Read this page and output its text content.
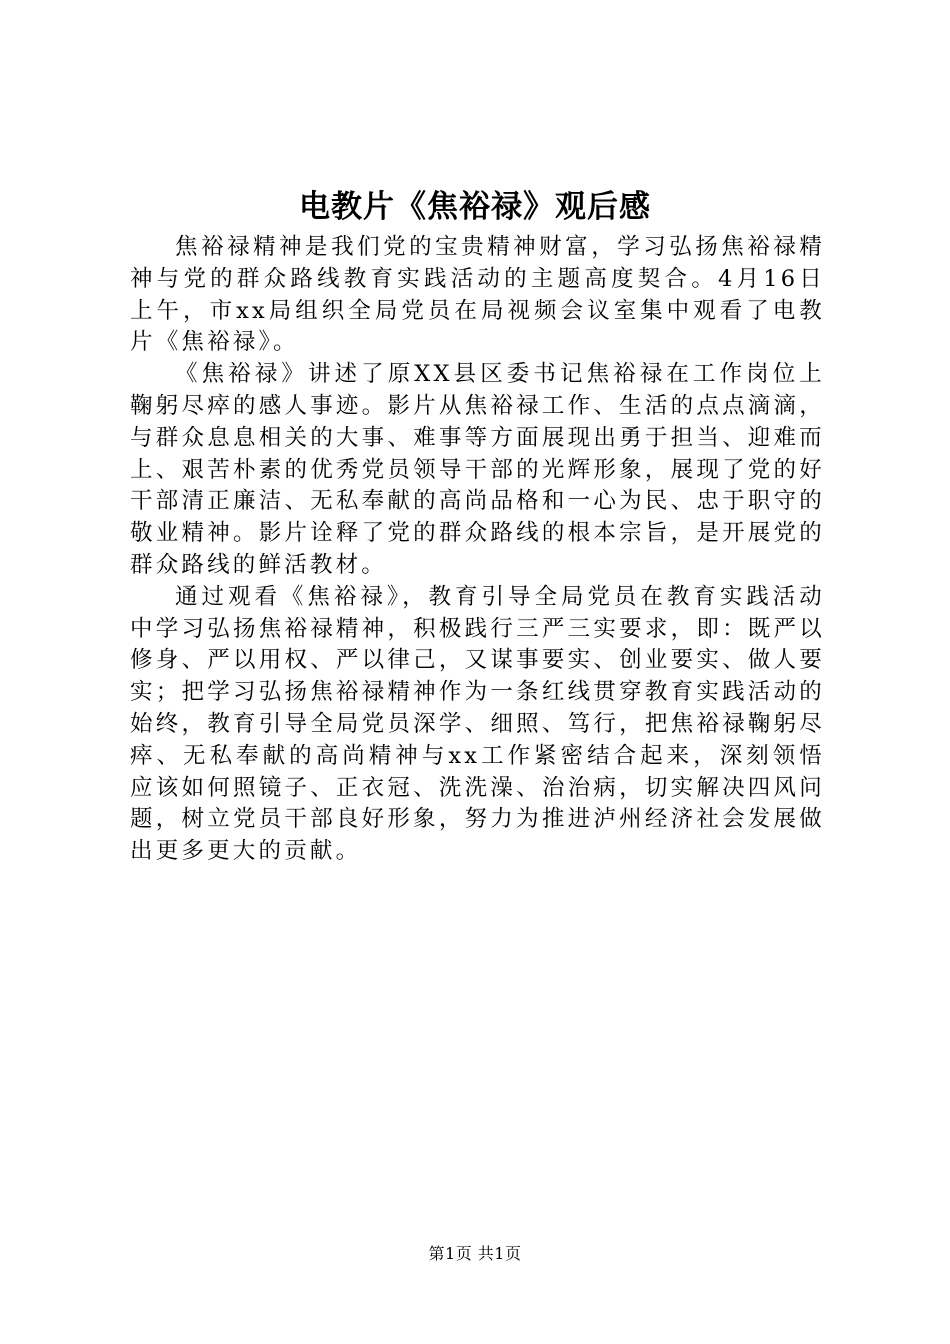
电教片《焦裕禄》观后感

焦裕禄精神是我们党的宝贵精神财富，学习弘扬焦裕禄精神与党的群众路线教育实践活动的主题高度契合。4月16日上午，市xx局组织全局党员在局视频会议室集中观看了电教片《焦裕禄》。

《焦裕禄》讲述了原XX县区委书记焦裕禄在工作岗位上鞠躬尽瘁的感人事迹。影片从焦裕禄工作、生活的点点滴滴，与群众息息相关的大事、难事等方面展现出勇于担当、迎难而上、艰苦朴素的优秀党员领导干部的光辉形象，展现了党的好干部清正廉洁、无私奉献的高尚品格和一心为民、忠于职守的敬业精神。影片诠释了党的群众路线的根本宗旨，是开展党的群众路线的鲜活教材。

通过观看《焦裕禄》，教育引导全局党员在教育实践活动中学习弘扬焦裕禄精神，积极践行三严三实要求，即：既严以修身、严以用权、严以律己，又谋事要实、创业要实、做人要实；把学习弘扬焦裕禄精神作为一条红线贯穿教育实践活动的始终，教育引导全局党员深学、细照、笃行，把焦裕禄鞠躬尽瘁、无私奉献的高尚精神与xx工作紧密结合起来，深刻领悟应该如何照镜子、正衣冠、洗洗澡、治治病，切实解决四风问题，树立党员干部良好形象，努力为推进泸州经济社会发展做出更多更大的贡献。

第1页 共1页
